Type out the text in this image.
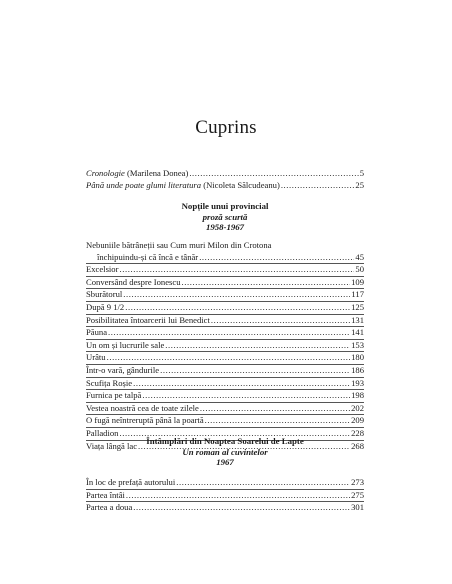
Cuprins
Cronologie (Marilena Donea) .....	5
Până unde poate glumi literatura (Nicoleta Sălcudeanu) .....	25
Nopțile unui provincial
proză scurtă
1958-1967
Nebuniile bătrâneții sau Cum muri Milon din Crotona
închipuindu-și că încă e tânăr .....	45
Excelsior .....	50
Conversând despre Ionescu .....	109
Sburătorul .....	117
După 9 1/2 .....	125
Posibilitatea întoarcerii lui Benedict .....	131
Păuna .....	141
Un om și lucrurile sale .....	153
Urâtu .....	180
Într-o vară, gândurile .....	186
Scufița Roșie .....	193
Furnica pe talpă .....	198
Vestea noastră cea de toate zilele .....	202
O fugă neîntreruptă până la poartă .....	209
Palladion .....	228
Viața lângă lac .....	268
Întâmplări din Noaptea Soarelui de Lapte
Un roman al cuvintelor
1967
În loc de prefață autorului .....	273
Partea întâi .....	275
Partea a doua .....	301
